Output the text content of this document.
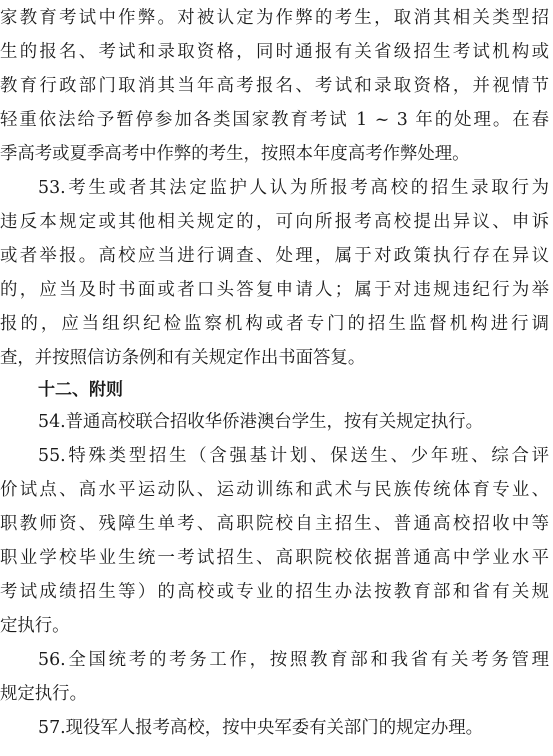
家教育考试中作弊。对被认定为作弊的考生，取消其相关类型招

生的报名、考试和录取资格，同时通报有关省级招生考试机构或

教育行政部门取消其当年高考报名、考试和录取资格，并视情节

轻重依法给予暂停参加各类国家教育考试 1 ~ 3 年的处理。在春

季高考或夏季高考中作弊的考生，按照本年度高考作弊处理。

53.考生或者其法定监护人认为所报考高校的招生录取行为

违反本规定或其他相关规定的，可向所报考高校提出异议、申诉

或者举报。高校应当进行调查、处理，属于对政策执行存在异议

的，应当及时书面或者口头答复申请人；属于对违规违纪行为举

报的，应当组织纪检监察机构或者专门的招生监督机构进行调

查，并按照信访条例和有关规定作出书面答复。

十二、附则

54.普通高校联合招收华侨港澳台学生，按有关规定执行。

55.特殊类型招生（含强基计划、保送生、少年班、综合评

价试点、高水平运动队、运动训练和武术与民族传统体育专业、

职教师资、残障生单考、高职院校自主招生、普通高校招收中等

职业学校毕业生统一考试招生、高职院校依据普通高中学业水平

考试成绩招生等）的高校或专业的招生办法按教育部和省有关规

定执行。

56.全国统考的考务工作，按照教育部和我省有关考务管理

规定执行。

57.现役军人报考高校，按中央军委有关部门的规定办理。
